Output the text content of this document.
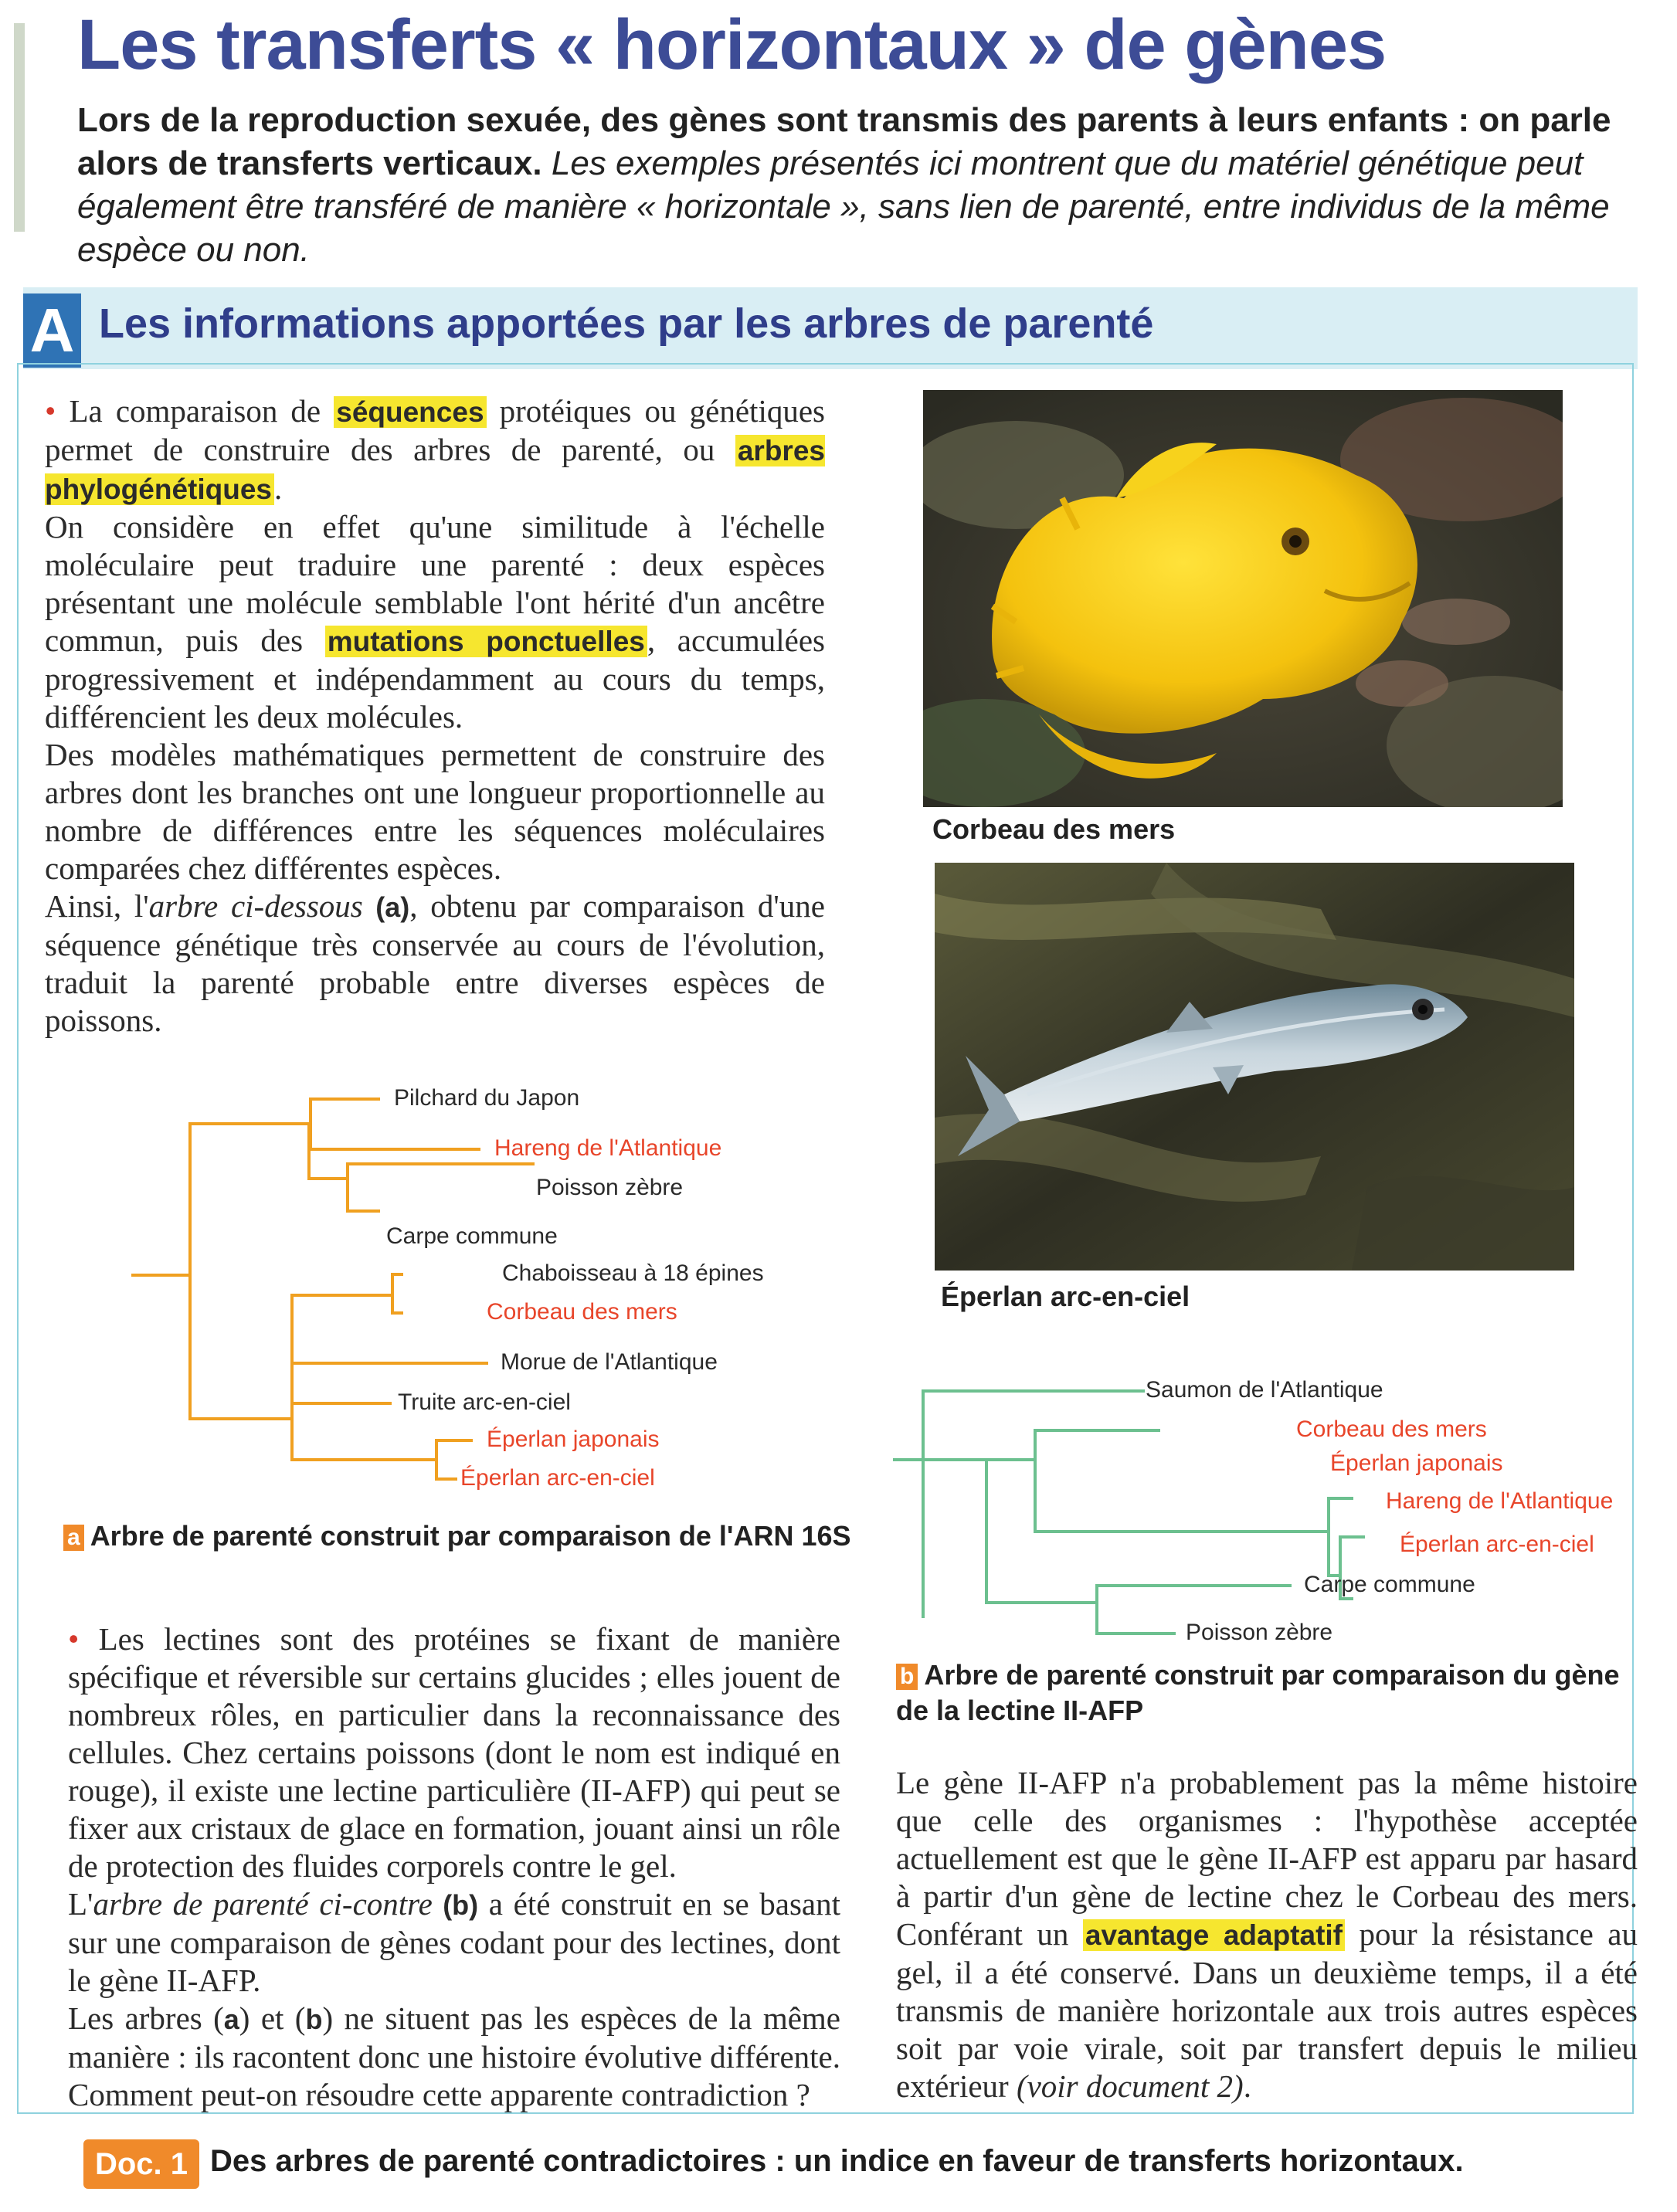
Les transferts « horizontaux » de gènes
Lors de la reproduction sexuée, des gènes sont transmis des parents à leurs enfants : on parle alors de transferts verticaux. Les exemples présentés ici montrent que du matériel génétique peut également être transféré de manière « horizontale », sans lien de parenté, entre individus de la même espèce ou non.
A Les informations apportées par les arbres de parenté

• La comparaison de séquences protéiques ou génétiques permet de construire des arbres de parenté, ou arbres phylogénétiques.

On considère en effet qu'une similitude à l'échelle moléculaire peut traduire une parenté : deux espèces présentant une molécule semblable l'ont hérité d'un ancêtre commun, puis des mutations ponctuelles, accumulées progressivement et indépendamment au cours du temps, différencient les deux molécules.

Des modèles mathématiques permettent de construire des arbres dont les branches ont une longueur proportionnelle au nombre de différences entre les séquences moléculaires comparées chez différentes espèces.

Ainsi, l'arbre ci-dessous (a), obtenu par comparaison d'une séquence génétique très conservée au cours de l'évolution, traduit la parenté probable entre diverses espèces de poissons.

Corbeau des mers
Éperlan arc-en-ciel
Pilchard du Japon
Hareng de l'Atlantique
Poisson zèbre
Carpe commune
Chaboisseau à 18 épines
Corbeau des mers
Morue de l'Atlantique
Truite arc-en-ciel
Éperlan japonais
Éperlan arc-en-ciel
a Arbre de parenté construit par comparaison de l'ARN 16S
Saumon de l'Atlantique
Corbeau des mers
Éperlan japonais
Hareng de l'Atlantique
Éperlan arc-en-ciel
Carpe commune
Poisson zèbre
b Arbre de parenté construit par comparaison du gène de la lectine II-AFP

• Les lectines sont des protéines se fixant de manière spécifique et réversible sur certains glucides ; elles jouent de nombreux rôles, en particulier dans la reconnaissance des cellules. Chez certains poissons (dont le nom est indiqué en rouge), il existe une lectine particulière (II-AFP) qui peut se fixer aux cristaux de glace en formation, jouant ainsi un rôle de protection des fluides corporels contre le gel.

L'arbre de parenté ci-contre (b) a été construit en se basant sur une comparaison de gènes codant pour des lectines, dont le gène II-AFP.

Les arbres (a) et (b) ne situent pas les espèces de la même manière : ils racontent donc une histoire évolutive différente. Comment peut-on résoudre cette apparente contradiction ?

Le gène II-AFP n'a probablement pas la même histoire que celle des organismes : l'hypothèse acceptée actuellement est que le gène II-AFP est apparu par hasard à partir d'un gène de lectine chez le Corbeau des mers. Conférant un avantage adaptatif pour la résistance au gel, il a été conservé. Dans un deuxième temps, il a été transmis de manière horizontale aux trois autres espèces soit par voie virale, soit par transfert depuis le milieu extérieur (voir document 2).

Doc. 1 Des arbres de parenté contradictoires : un indice en faveur de transferts horizontaux.
